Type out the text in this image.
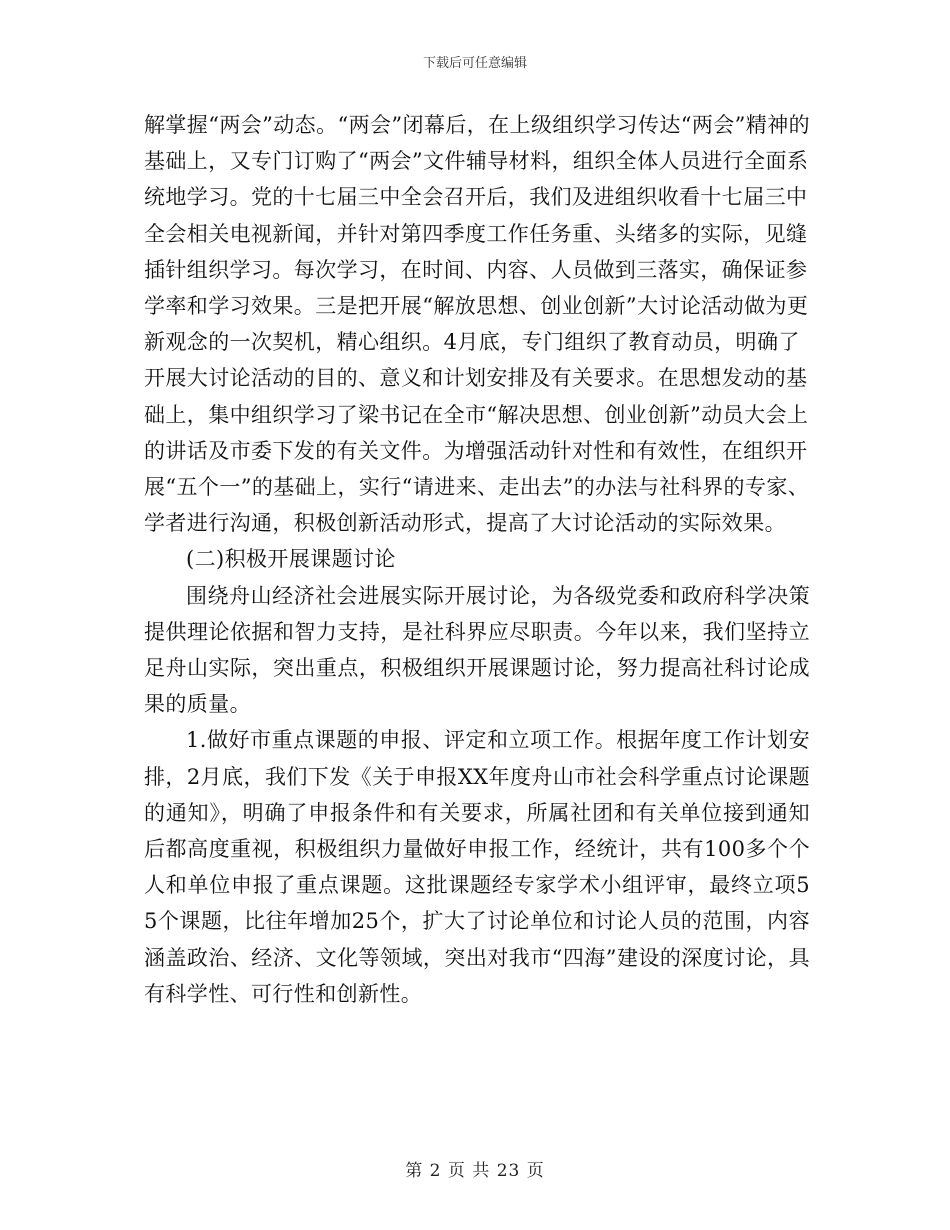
下载后可任意编辑

解掌握“两会”动态。“两会”闭幕后，在上级组织学习传达“两会”精神的基础上，又专门订购了“两会”文件辅导材料，组织全体人员进行全面系统地学习。党的十七届三中全会召开后，我们及进组织收看十七届三中全会相关电视新闻，并针对第四季度工作任务重、头绪多的实际，见缝插针组织学习。每次学习，在时间、内容、人员做到三落实，确保证参学率和学习效果。三是把开展“解放思想、创业创新”大讨论活动做为更新观念的一次契机，精心组织。4月底，专门组织了教育动员，明确了开展大讨论活动的目的、意义和计划安排及有关要求。在思想发动的基础上，集中组织学习了梁书记在全市“解决思想、创业创新”动员大会上的讲话及市委下发的有关文件。为增强活动针对性和有效性，在组织开展“五个一”的基础上，实行“请进来、走出去”的办法与社科界的专家、学者进行沟通，积极创新活动形式，提高了大讨论活动的实际效果。

(二)积极开展课题讨论

围绕舟山经济社会进展实际开展讨论，为各级党委和政府科学决策提供理论依据和智力支持，是社科界应尽职责。今年以来，我们坚持立足舟山实际，突出重点，积极组织开展课题讨论，努力提高社科讨论成果的质量。

1.做好市重点课题的申报、评定和立项工作。根据年度工作计划安排，2月底，我们下发《关于申报XX年度舟山市社会科学重点讨论课题的通知》，明确了申报条件和有关要求，所属社团和有关单位接到通知后都高度重视，积极组织力量做好申报工作，经统计，共有100多个个人和单位申报了重点课题。这批课题经专家学术小组评审，最终立项55个课题，比往年增加25个，扩大了讨论单位和讨论人员的范围，内容涵盖政治、经济、文化等领域，突出对我市“四海”建设的深度讨论，具有科学性、可行性和创新性。

第 2 页 共 23 页
